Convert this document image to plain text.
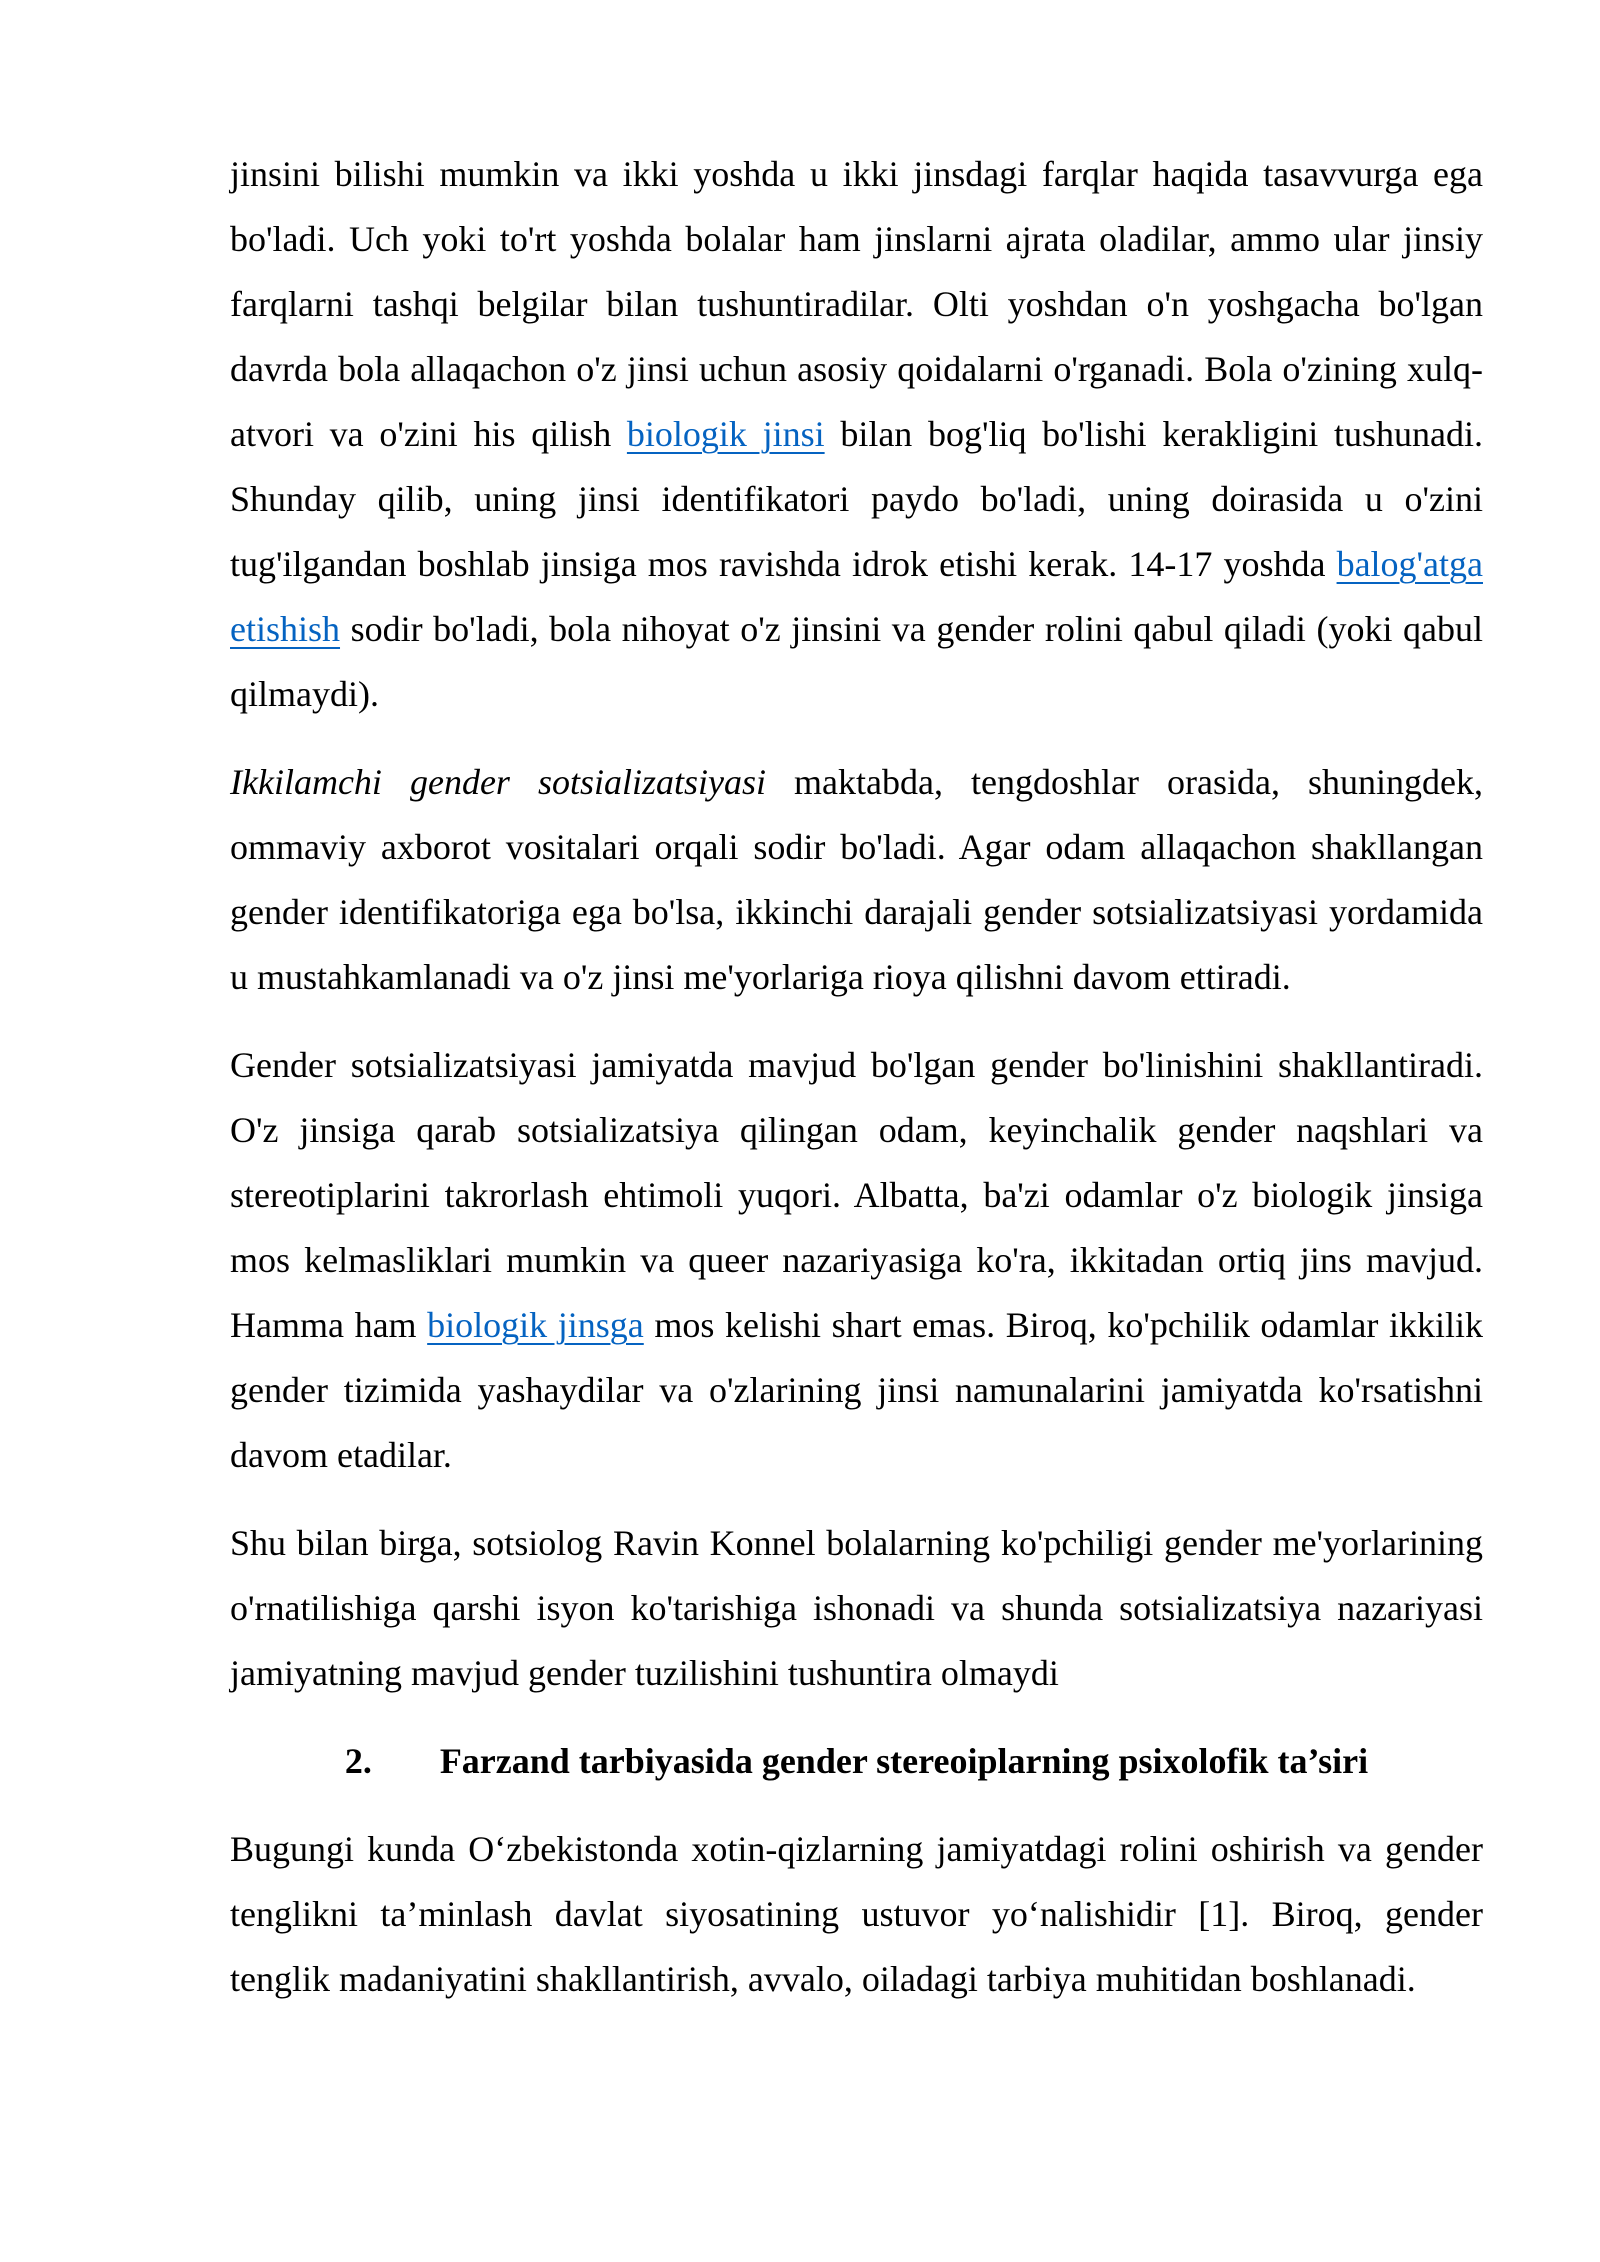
jinsini bilishi mumkin va ikki yoshda u ikki jinsdagi farqlar haqida tasavvurga ega bo'ladi. Uch yoki to'rt yoshda bolalar ham jinslarni ajrata oladilar, ammo ular jinsiy farqlarni tashqi belgilar bilan tushuntiradilar. Olti yoshdan o'n yoshgacha bo'lgan davrda bola allaqachon o'z jinsi uchun asosiy qoidalarni o'rganadi. Bola o'zining xulq-atvori va o'zini his qilish biologik jinsi bilan bog'liq bo'lishi kerakligini tushunadi. Shunday qilib, uning jinsi identifikatori paydo bo'ladi, uning doirasida u o'zini tug'ilgandan boshlab jinsiga mos ravishda idrok etishi kerak. 14-17 yoshda balog'atga etishish sodir bo'ladi, bola nihoyat o'z jinsini va gender rolini qabul qiladi (yoki qabul qilmaydi).

Ikkilamchi gender sotsializatsiyasi maktabda, tengdoshlar orasida, shuningdek, ommaviy axborot vositalari orqali sodir bo'ladi. Agar odam allaqachon shakllangan gender identifikatoriga ega bo'lsa, ikkinchi darajali gender sotsializatsiyasi yordamida u mustahkamlanadi va o'z jinsi me'yorlariga rioya qilishni davom ettiradi.

Gender sotsializatsiyasi jamiyatda mavjud bo'lgan gender bo'linishini shakllantiradi. O'z jinsiga qarab sotsializatsiya qilingan odam, keyinchalik gender naqshlari va stereotiplarini takrorlash ehtimoli yuqori. Albatta, ba'zi odamlar o'z biologik jinsiga mos kelmasliklari mumkin va queer nazariyasiga ko'ra, ikkitadan ortiq jins mavjud. Hamma ham biologik jinsga mos kelishi shart emas. Biroq, ko'pchilik odamlar ikkilik gender tizimida yashaydilar va o'zlarining jinsi namunalarini jamiyatda ko'rsatishni davom etadilar.

Shu bilan birga, sotsiolog Ravin Konnel bolalarning ko'pchiligi gender me'yorlarining o'rnatilishiga qarshi isyon ko'tarishiga ishonadi va shunda sotsializatsiya nazariyasi jamiyatning mavjud gender tuzilishini tushuntira olmaydi

2. Farzand tarbiyasida gender stereoiplarning psixolofik ta’siri

Bugungi kunda O‘zbekistonda xotin-qizlarning jamiyatdagi rolini oshirish va gender tenglikni ta’minlash davlat siyosatining ustuvor yo‘nalishidir [1]. Biroq, gender tenglik madaniyatini shakllantirish, avvalo, oiladagi tarbiya muhitidan boshlanadi.
